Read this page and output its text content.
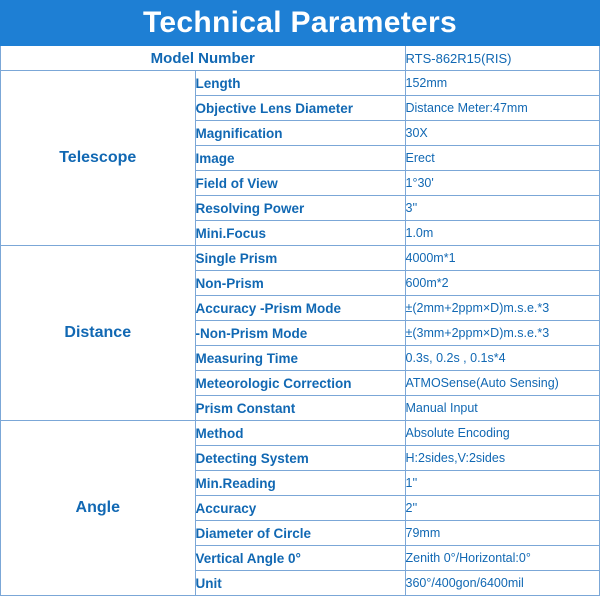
Technical Parameters		
Model Number		RTS-862R15(RIS)
Telescope	Length	152mm
	Objective Lens Diameter	Distance Meter:47mm
	Magnification	30X
	Image	Erect
	Field of View	1°30'
	Resolving Power	3''
	Mini.Focus	1.0m
Distance	Single Prism	4000m*1
	Non-Prism	600m*2
	Accuracy -Prism Mode	±(2mm+2ppm×D)m.s.e.*3
	-Non-Prism Mode	±(3mm+2ppm×D)m.s.e.*3
	Measuring Time	0.3s, 0.2s , 0.1s*4
	Meteorologic Correction	ATMOSense(Auto Sensing)
	Prism Constant	Manual Input
Angle	Method	Absolute Encoding
	Detecting System	H:2sides,V:2sides
	Min.Reading	1''
	Accuracy	2''
	Diameter of Circle	79mm
	Vertical Angle 0°	Zenith 0°/Horizontal:0°
	Unit	360°/400gon/6400mil
